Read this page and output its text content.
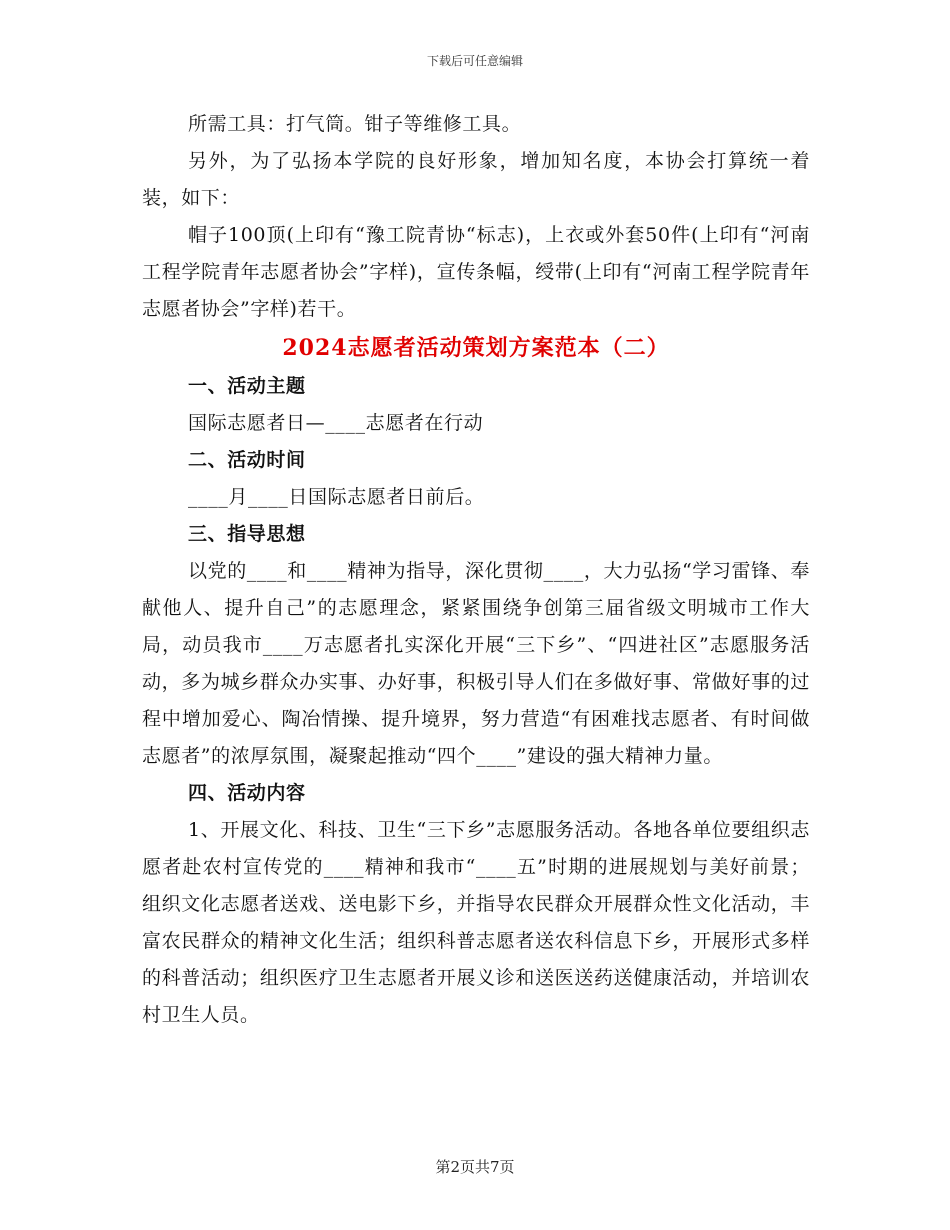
下载后可任意编辑

所需工具：打气筒。钳子等维修工具。

另外，为了弘扬本学院的良好形象，增加知名度，本协会打算统一着装，如下：

帽子100顶(上印有“豫工院青协“标志)，上衣或外套50件(上印有“河南工程学院青年志愿者协会”字样)，宣传条幅，绶带(上印有“河南工程学院青年志愿者协会”字样)若干。

2024志愿者活动策划方案范本（二）

一、活动主题

国际志愿者日—____志愿者在行动

二、活动时间

____月____日国际志愿者日前后。

三、指导思想

以党的____和____精神为指导，深化贯彻____，大力弘扬“学习雷锋、奉献他人、提升自己”的志愿理念，紧紧围绕争创第三届省级文明城市工作大局，动员我市____万志愿者扎实深化开展“三下乡”、“四进社区”志愿服务活动，多为城乡群众办实事、办好事，积极引导人们在多做好事、常做好事的过程中增加爱心、陶冶情操、提升境界，努力营造“有困难找志愿者、有时间做志愿者”的浓厚氛围，凝聚起推动“四个____”建设的强大精神力量。

四、活动内容

1、开展文化、科技、卫生“三下乡”志愿服务活动。各地各单位要组织志愿者赴农村宣传党的____精神和我市“____五”时期的进展规划与美好前景；组织文化志愿者送戏、送电影下乡，并指导农民群众开展群众性文化活动，丰富农民群众的精神文化生活；组织科普志愿者送农科信息下乡，开展形式多样的科普活动；组织医疗卫生志愿者开展义诊和送医送药送健康活动，并培训农村卫生人员。

第2页共7页
